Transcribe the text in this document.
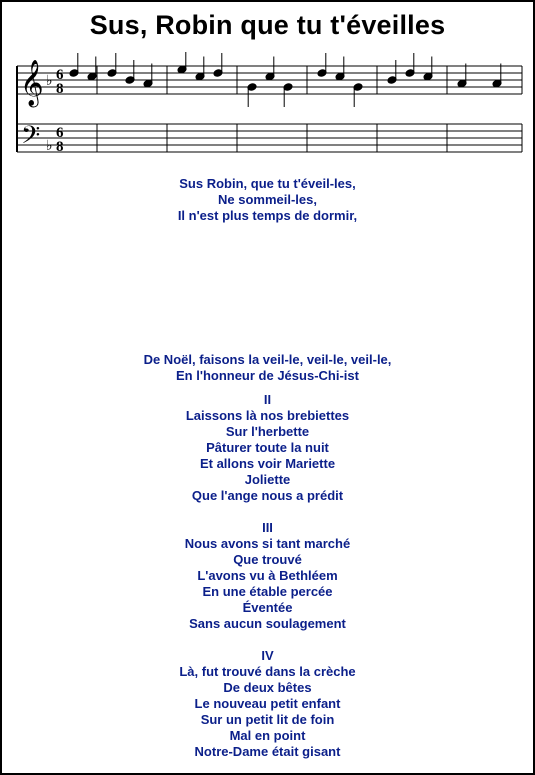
Sus, Robin que tu t'éveilles
𝄞
𝄢
♭
♭
6
8
6
8
Sus Robin, que tu t'éveil-les,
Ne sommeil-les,
Il n'est plus temps de dormir,
De Noël, faisons la veil-le, veil-le, veil-le,
En l'honneur de Jésus-Chi-ist
II
Laissons là nos brebiettes
Sur l'herbette
Pâturer toute la nuit
Et allons voir Mariette
Joliette
Que l'ange nous a prédit
III
Nous avons si tant marché
Que trouvé
L'avons vu à Bethléem
En une étable percée
Éventée
Sans aucun soulagement
IV
Là, fut trouvé dans la crèche
De deux bêtes
Le nouveau petit enfant
Sur un petit lit de foin
Mal en point
Notre-Dame était gisant
